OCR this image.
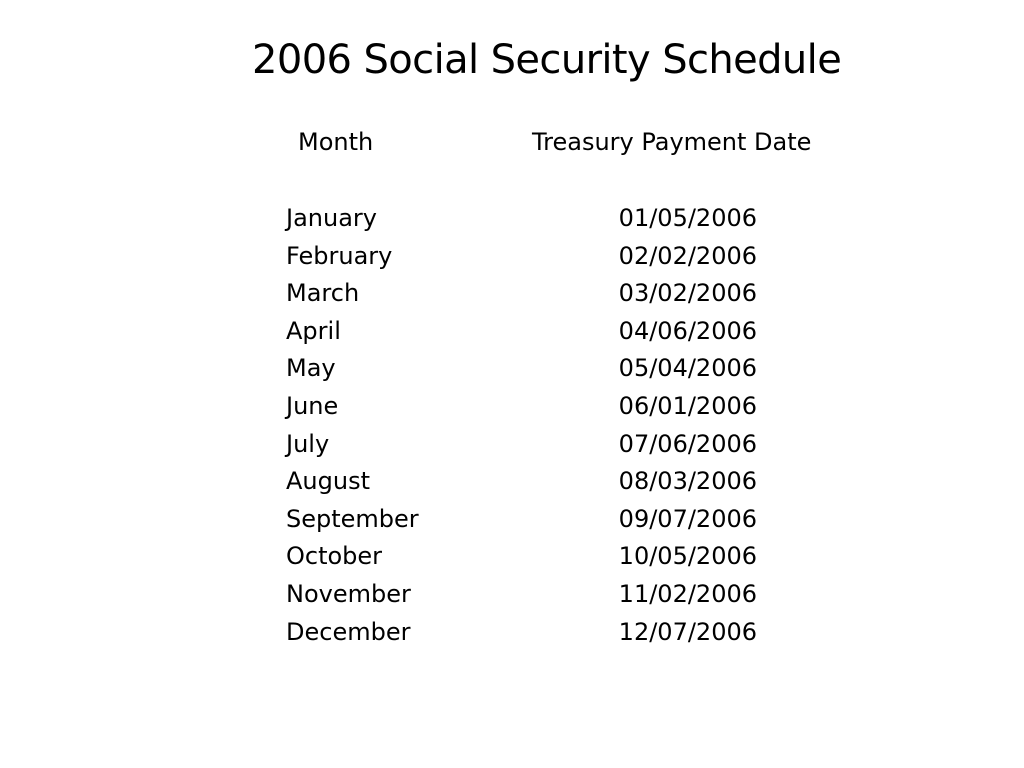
2006 Social Security Schedule
Month	Treasury Payment Date
January	01/05/2006
February	02/02/2006
March	03/02/2006
April	04/06/2006
May	05/04/2006
June	06/01/2006
July	07/06/2006
August	08/03/2006
September	09/07/2006
October	10/05/2006
November	11/02/2006
December	12/07/2006
